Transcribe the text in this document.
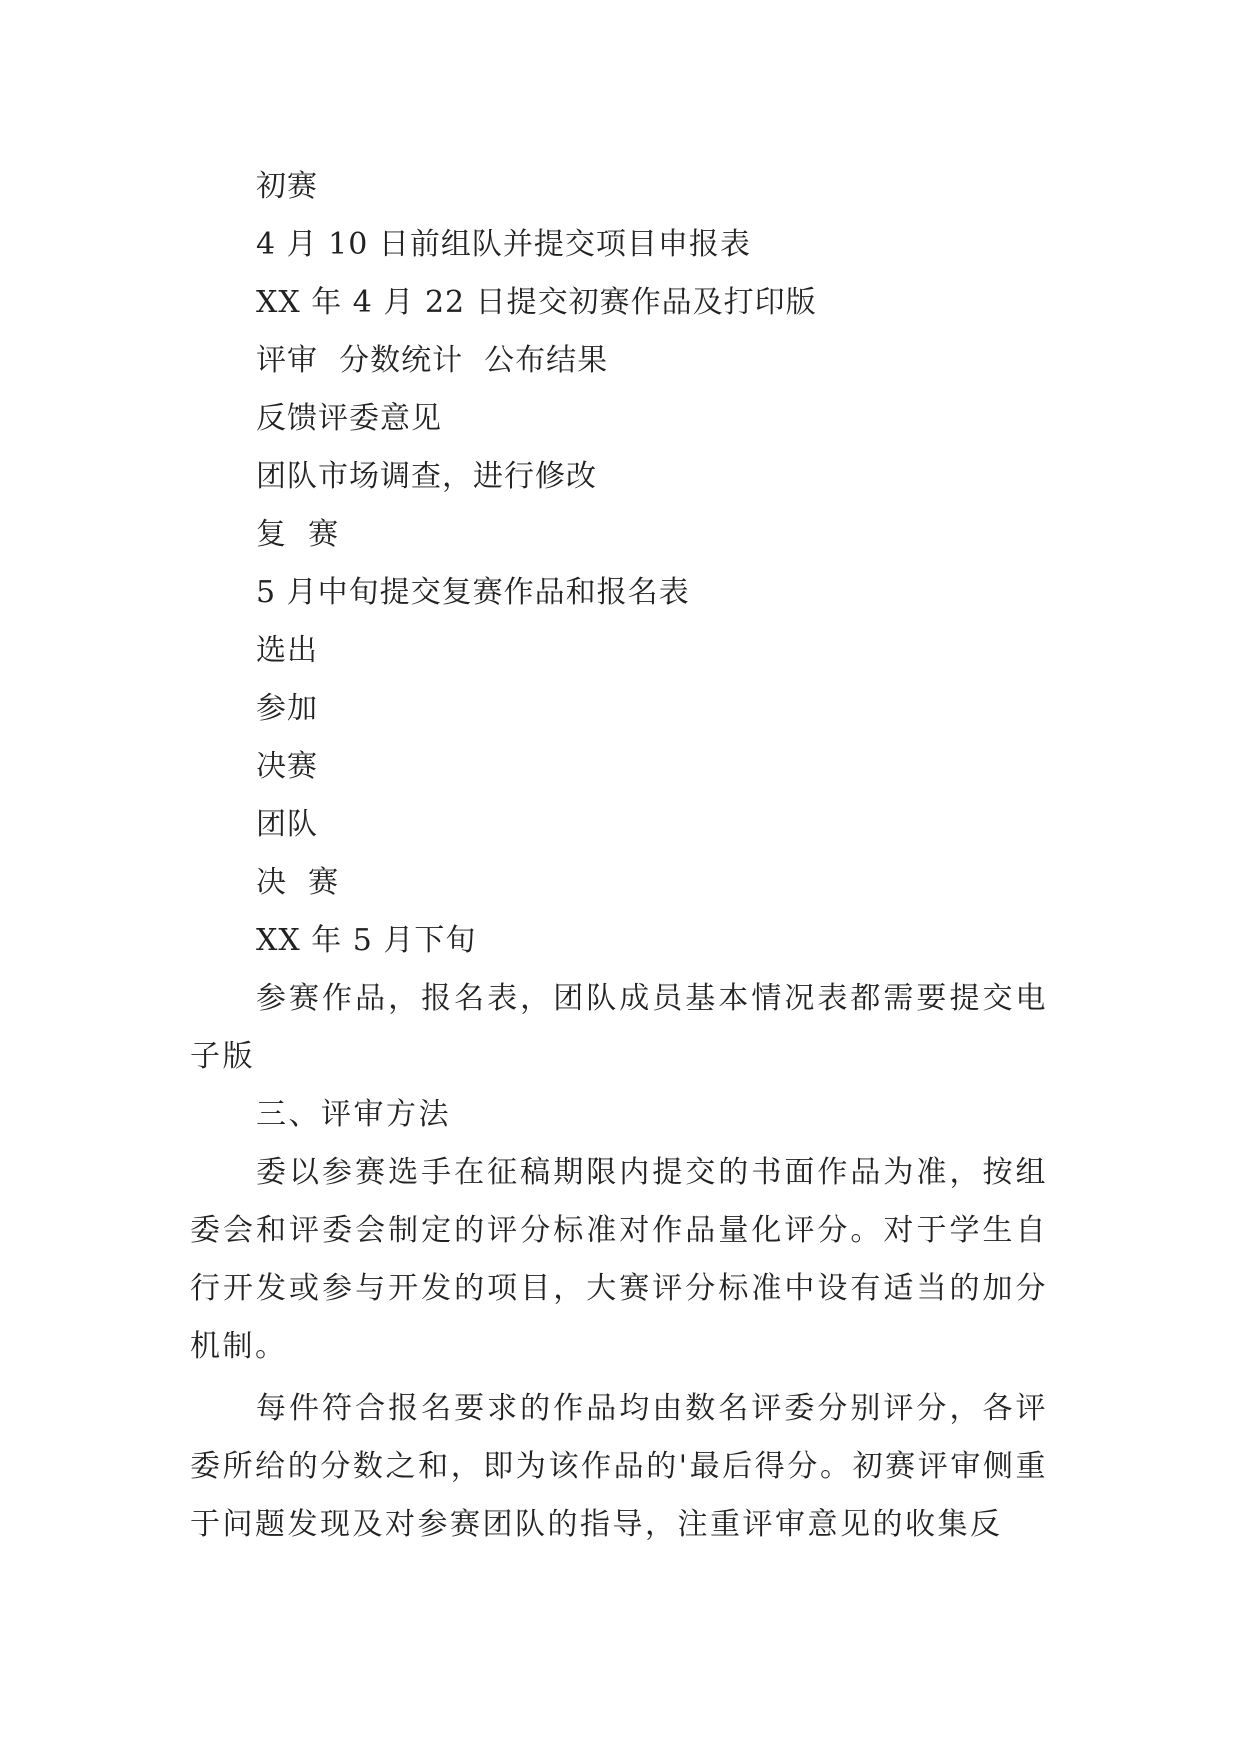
初赛
4 月 10 日前组队并提交项目申报表
XX 年 4 月 22 日提交初赛作品及打印版
评审  分数统计  公布结果
反馈评委意见
团队市场调查，进行修改
复  赛
5 月中旬提交复赛作品和报名表
选出
参加
决赛
团队
决  赛
XX 年 5 月下旬

参赛作品，报名表，团队成员基本情况表都需要提交电子版

三、评审方法

委以参赛选手在征稿期限内提交的书面作品为准，按组委会和评委会制定的评分标准对作品量化评分。对于学生自行开发或参与开发的项目，大赛评分标准中设有适当的加分机制。

每件符合报名要求的作品均由数名评委分别评分，各评委所给的分数之和，即为该作品的'最后得分。初赛评审侧重于问题发现及对参赛团队的指导，注重评审意见的收集反
